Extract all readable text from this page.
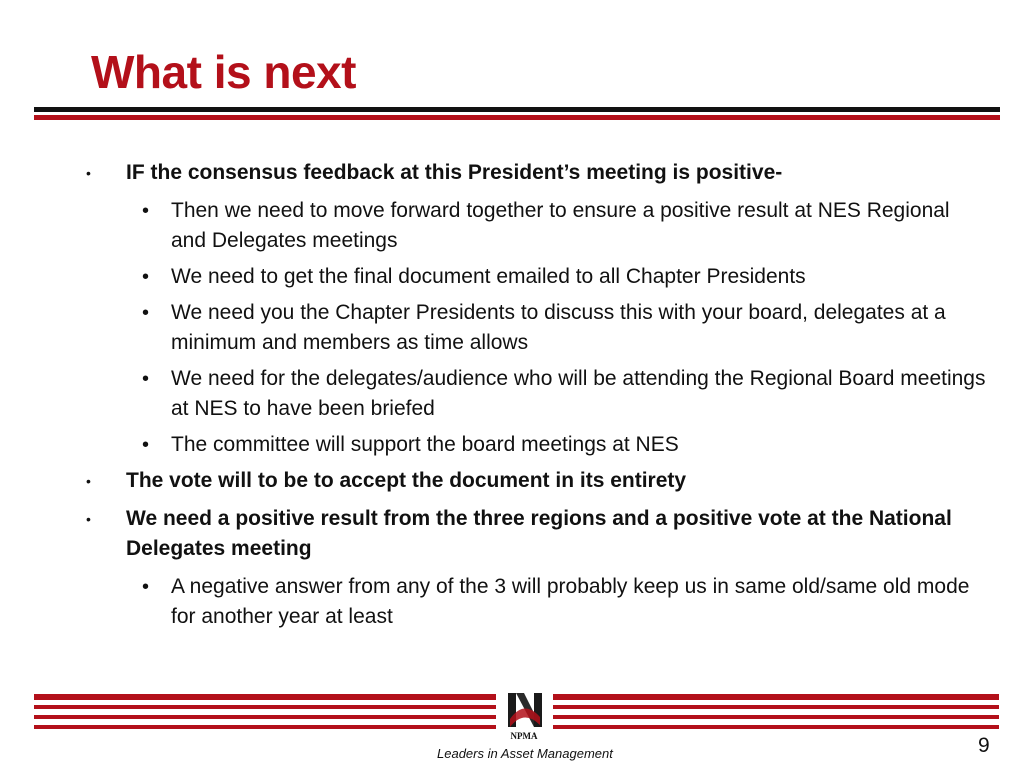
What is next
• IF the consensus feedback at this President’s meeting is positive-
• Then we need to move forward together to ensure a positive result at NES Regional and Delegates meetings
• We need to get the final document emailed to all Chapter Presidents
• We need you the Chapter Presidents to discuss this with your board, delegates at a minimum and members as time allows
• We need for the delegates/audience who will be attending the Regional Board meetings at NES to have been briefed
• The committee will support the board meetings at NES
• The vote will to be to accept the document in its entirety
• We need a positive result from the three regions and a positive vote at the National Delegates meeting
• A negative answer from any of the 3 will probably keep us in same old/same old mode for another year at least
NPMA
Leaders in Asset Management	9
